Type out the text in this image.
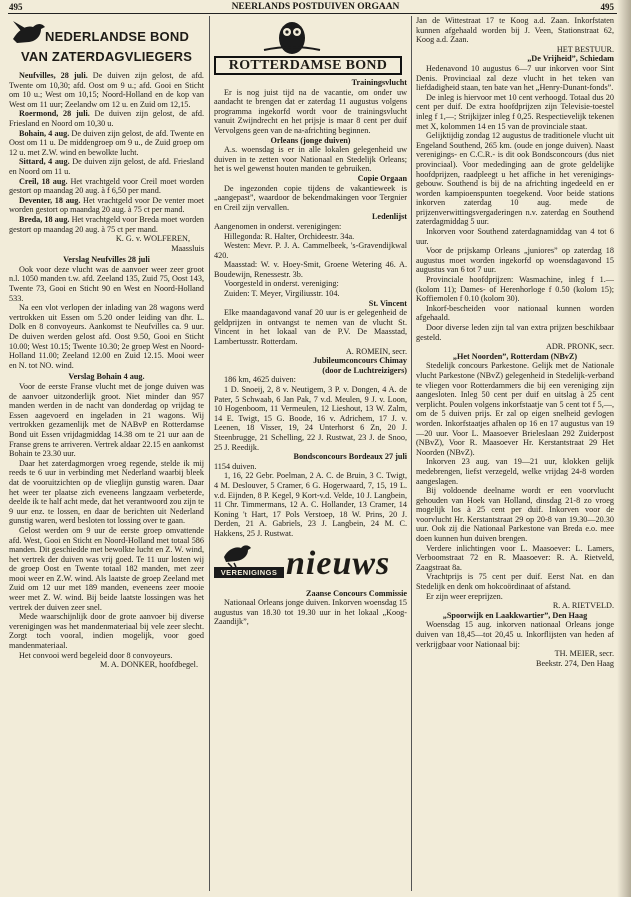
495	NEERLANDS POSTDUIVEN ORGAAN	495
NEDERLANDSE BOND
VAN ZATERDAGVLIEGERS

Neufvilles, 28 juli. De duiven zijn gelost, de afd. Twente om 10,30; afd. Oost om 9 u.; afd. Gooi en Sticht om 10 u.; West om 10,15; Noord-Holland en de kop van West om 11 uur; Zeelandw om 12 u. en Zuid om 12,15.

Roermond, 28 juli. De duiven zijn gelost, de afd. Friesland en Noord om 10,30 u.

Bohain, 4 aug. De duiven zijn gelost, de afd. Twente en Oost om 11 u. De middengroep om 9 u., de Zuid groep om 12 u. met Z.W. wind en bewolkte lucht.

Sittard, 4 aug. De duiven zijn gelost, de afd. Friesland en Noord om 11 u.

Creil, 18 aug. Het vrachtgeld voor Creil moet worden gestort op maandag 20 aug. à f 6,50 per mand.

Deventer, 18 aug. Het vrachtgeld voor De venter moet worden gestort op maandag 20 aug. à 75 ct per mand.

Breda, 18 aug. Het vrachtgeld voor Breda moet worden gestort op maandag 20 aug. à 75 ct per mand.

K. G. v. WOLFEREN,

Maassluis

Verslag Neufvilles 28 juli

Ook voor deze vlucht was de aanvoer weer zeer groot n.l. 1050 manden t.w. afd. Zeeland 135, Zuid 75, Oost 143, Twente 73, Gooi en Sticht 90 en West en Noord-Holland 533.

Na een vlot verlopen der inlading van 28 wagons werd vertrokken uit Essen om 5.20 onder leiding van dhr. L. Dolk en 8 convoyeurs. Aankomst te Neufvilles ca. 9 uur. De duiven werden gelost afd. Oost 9.50, Gooi en Sticht 10.00; West 10.15; Twente 10.30; 2e groep West en Noord-Holland 11.00; Zeeland 12.00 en Zuid 12.15. Mooi weer en N. tot NO. wind.

Verslag Bohain 4 aug.

Voor de eerste Franse vlucht met de jonge duiven was de aanvoer uitzonderlijk groot. Niet minder dan 957 manden werden in de nacht van donderdag op vrijdag te Essen aagevoerd en ingeladen in 21 wagons. Wij vertrokken gezamenlijk met de NABvP en Rotterdamse Bond uit Essen vrijdagmiddag 14.38 om te 21 uur aan de Franse grens te arriveren. Vertrek aldaar 22.15 en aankomst Bohain te 23.30 uur.

Daar het zaterdagmorgen vroeg regende, stelde ik mij reeds te 6 uur in verbinding met Nederland waarbij bleek dat de vooruitzichten op de vlieglijn gunstig waren. Daar het weer ter plaatse zich eveneens langzaam verbeterde, deelde ik te half acht mede, dat het verantwoord zou zijn te 9 uur enz. te lossen, en daar de berichten uit Nederland gunstig waren, werd besloten tot lossing over te gaan.

Gelost werden om 9 uur de eerste groep omvattende afd. West, Gooi en Sticht en Noord-Holland met totaal 586 manden. Dit geschiedde met bewolkte lucht en Z. W. wind, het vertrek der duiven was vrij goed. Te 11 uur losten wij de groep Oost en Twente totaal 182 manden, met zeer mooi weer en Z.W. wind. Als laatste de groep Zeeland met Zuid om 12 uur met 189 manden, eveneens zeer mooie weer met Z. W. wind. Bij beide laatste lossingen was het vertrek der duiven zeer snel.

Mede waarschijnlijk door de grote aanvoer bij diverse verenigingen was het mandenmateriaal bij vele zeer slecht. Zorgt toch vooral, indien mogelijk, voor goed mandenmateriaal.

Het convooi werd begeleid door 8 convoyeurs.

M. A. DONKER, hoofdbegel.

ROTTERDAMSE BOND

Trainingsvlucht

Er is nog juist tijd na de vacantie, om onder uw aandacht te brengen dat er zaterdag 11 augustus volgens programma ingekorfd wordt voor de trainingsvlucht vanuit Zwijndrecht en het prijsje is maar 8 cent per duif Vervolgens geen van de na-africhting beginnen.

Orleans (jonge duiven)

A.s. woensdag is er in alle lokalen gelegenheid uw duiven in te zetten voor Nationaal en Stedelijk Orleans; het is wel gewenst houten manden te gebruiken.

Copie Orgaan

De ingezonden copie tijdens de vakantieweek is „aangepast”, waardoor de bekendmakingen voor Tergnier en Creil zijn vervallen.

Ledenlijst

Aangenomen in onderst. verenigingen:

Hillegonda: R. Halter, Orchideestr. 34a.

Westen: Mevr. P. J. A. Cammelbeek, 's-Gravendijkwal 420.

Maasstad: W. v. Hoey-Smit, Groene Wetering 46. A. Boudewijn, Renessestr. 3b.

Voorgesteld in onderst. vereniging:

Zuiden: T. Meyer, Virgiliusstr. 104.

St. Vincent

Elke maandagavond vanaf 20 uur is er gelegenheid de geldprijzen in ontvangst te nemen van de vlucht St. Vincent in het lokaal van de P.V. De Maasstad, Lambertusstr. Rotterdam.

A. ROMEIN, secr.

Jubileumconcours Chimay

(door de Luchtreizigers)

186 km, 4625 duiven:

1 D. Snoeij, 2, 8 v. Neutigem, 3 P. v. Dongen, 4 A. de Pater, 5 Schwaab, 6 Jan Pak, 7 v.d. Meulen, 9 J. v. Loon, 10 Hogenboom, 11 Vermeulen, 12 Lieshout, 13 W. Zalm, 14 E. Twigt, 15 G. Boode, 16 v. Adrichem, 17 J. v. Leenen, 18 Visser, 19, 24 Unterhorst 6 Zn, 20 J. Steenbrugge, 21 Schelling, 22 J. Rustwat, 23 J. de Snoo, 25 J. Reedijk.

Bondsconcours Bordeaux 27 juli

1154 duiven.

1, 16, 22 Gebr. Poelman, 2 A. C. de Bruin, 3 C. Twigt, 4 M. Deslouver, 5 Cramer, 6 G. Hogerwaard, 7, 15, 19 L. v.d. Eijnden, 8 P. Kegel, 9 Kort-v.d. Velde, 10 J. Langbein, 11 Chr. Timmermans, 12 A. C. Hollander, 13 Cramer, 14 Koning 't Hart, 17 Pols Verstoep, 18 W. Prins, 20 J. Derden, 21 A. Gabriels, 23 J. Langbein, 24 M. C. Hakkens, 25 J. Rustwat.

VERENIGINGS nieuws

Zaanse Concours Commissie

Nationaal Orleans jonge duiven. Inkorven woensdag 15 augustus van 18.30 tot 19.30 uur in het lokaal „Koog-Zaandijk”,

Jan de Wittestraat 17 te Koog a.d. Zaan. Inkorfstaten kunnen afgehaald worden bij J. Veen, Stationstraat 62, Koog a.d. Zaan.

HET BESTUUR.

„De Vrijheid”, Schiedam

Hedenavond 10 augustus 6—7 uur inkorven voor Sint Denis. Provinciaal zal deze vlucht in het teken van liefdadigheid staan, ten bate van het „Henry-Dunant-fonds”.

De inleg is hiervoor met 10 cent verhoogd. Totaal dus 20 cent per duif. De extra hoofdprijzen zijn Televisie-toestel inleg f 1,—; Strijkijzer inleg f 0,25. Respectievelijk tekenen met X, kolommen 14 en 15 van de provinciale staat.

Gelijktijdig zondag 12 augustus de traditionele vlucht uit Engeland Southend, 265 km. (oude en jonge duiven). Naast verenigings- en C.C.R.- is dit ook Bondsconcours (dus niet provinciaal). Voor mededinging aan de grote geldelijke hoofdprijzen, raadpleegt u het affiche in het verenigings-gebouw. Southend is bij de na africhting ingedeeld en er worden kampioenspunten toegekend. Voor beide stations inkorven zaterdag 10 aug. mede de prijzenverwittingsvergaderingen n.v. zaterdag en Southend zaterdagmiddag 5 uur.

Inkorven voor Southend zaterdagnamiddag van 4 tot 6 uur.

Voor de prijskamp Orleans „juniores” op zaterdag 18 augustus moet worden ingekorfd op woensdagavond 15 augustus van 6 tot 7 uur.

Provinciale hoofdprijzen: Wasmachine, inleg f 1.— (kolom 11); Dames- of Herenhorloge f 0.50 (kolom 15); Koffiemolen f 0.10 (kolom 30).

Inkorf-bescheiden voor nationaal kunnen worden afgehaald.

Door diverse leden zijn tal van extra prijzen beschikbaar gesteld.

ADR. PRONK, secr.

„Het Noorden”, Rotterdam (NBvZ)

Stedelijk concours Parkestone. Gelijk met de Nationale vlucht Parkestone (NBvZ) gelegenheid in Stedelijk-verband te vliegen voor Rotterdammers die bij een vereniging zijn aangesloten. Inleg 50 cent per duif en uitslag à 25 cent verplicht. Poulen volgens inkorfstaatje van 5 cent tot f 5,—, om de 5 duiven prijs. Er zal op eigen snelheid gevlogen worden. Inkorfstaatjes afhalen op 16 en 17 augustus van 19—20 uur. Voor L. Maasoever Brieleslaan 292 Zuiderpost (NBvZ), Voor R. Maasoever Hr. Kerstantstraat 29 Het Noorden (NBvZ).

Inkorven 23 aug. van 19—21 uur, klokken gelijk medebrengen, liefst verzegeld, welke vrijdag 24-8 worden aangeslagen.

Bij voldoende deelname wordt er een voorvlucht gehouden van Hoek van Holland, dinsdag 21-8 zo vroeg mogelijk los à 25 cent per duif. Inkorven voor de voorvlucht Hr. Kerstantstraat 29 op 20-8 van 19.30—20.30 uur. Ook zij die Nationaal Parkestone van Breda e.o. mee doen kunnen hun duiven brengen.

Verdere inlichtingen voor L. Maasoever: L. Lamers, Verboomstraat 72 en R. Maasoever: R. A. Rietveld, Zaagstraat 8a.

Vrachtprijs is 75 cent per duif. Eerst Nat. en dan Stedelijk en denk om hokcoördinaat of afstand.

Er zijn weer ereprijzen.

R. A. RIETVELD.

„Spoorwijk en Laakkwartier”, Den Haag

Woensdag 15 aug. inkorven nationaal Orleans jonge duiven van 18,45—tot 20,45 u. Inkorflijsten van heden af verkrijgbaar voor Nationaal bij:

TH. MEIER, secr.

Beekstr. 274, Den Haag
